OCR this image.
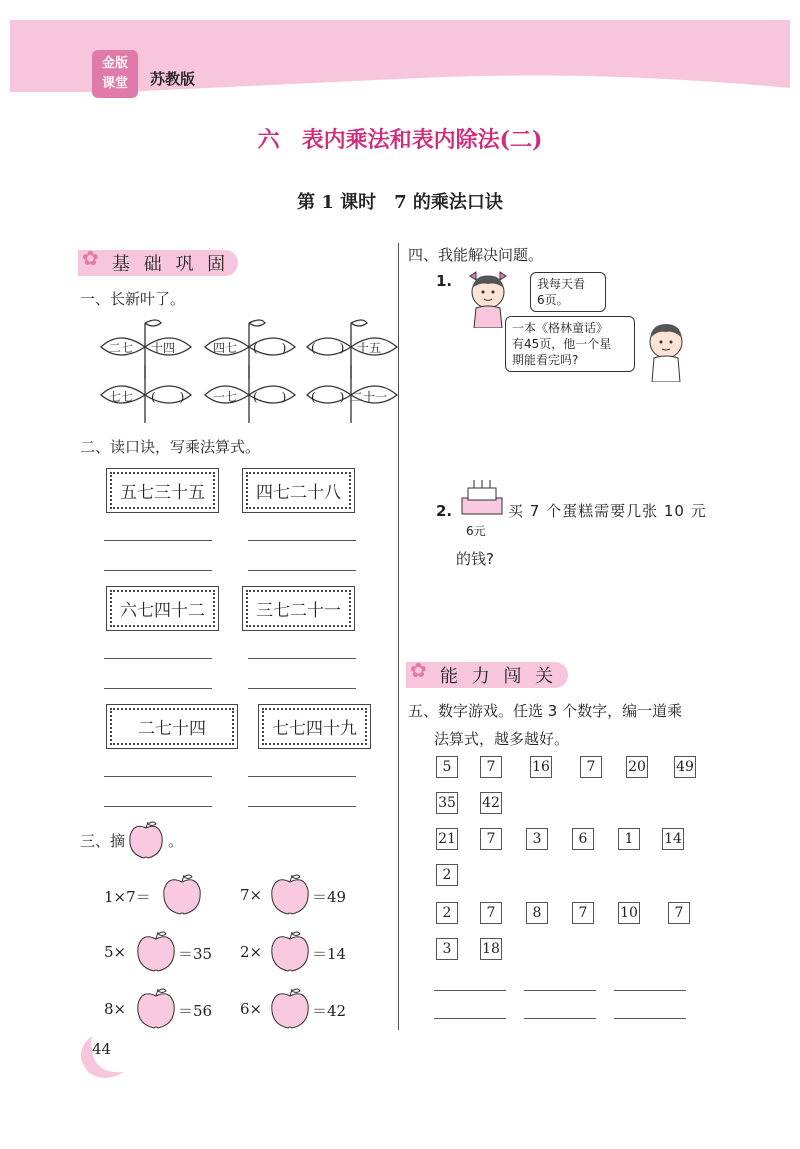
金版
课堂	苏教版
六　表内乘法和表内除法(二)
第 1 课时　7 的乘法口诀
基 础 巩 固
✿
一、长新叶了。
二七 十四	四七 (　　) (　　) 十五
七七 (　　) 一七 (　　) (　　) 二十一
二、读口诀，写乘法算式。
五七三十五	四七二十八
六七四十二	三七二十一
二七十四	七七四十九
三、摘	。
1×7＝	7×	＝49
5×	＝35 2×	＝14
8×	＝56 6×	＝42
四、我能解决问题。
1.	我每天看
6页。
一本《格林童话》
有45页，他一个星
期能看完吗?
2.
6元
买 7 个蛋糕需要几张 10 元
的钱?
能 力 闯 关
✿
五、数字游戏。任选 3 个数字，编一道乘
法算式，越多越好。
5	7	16	7	20 49
35 42
21	7	3	6	1	14
2
2	7	8	7	10	7
3	18
44
